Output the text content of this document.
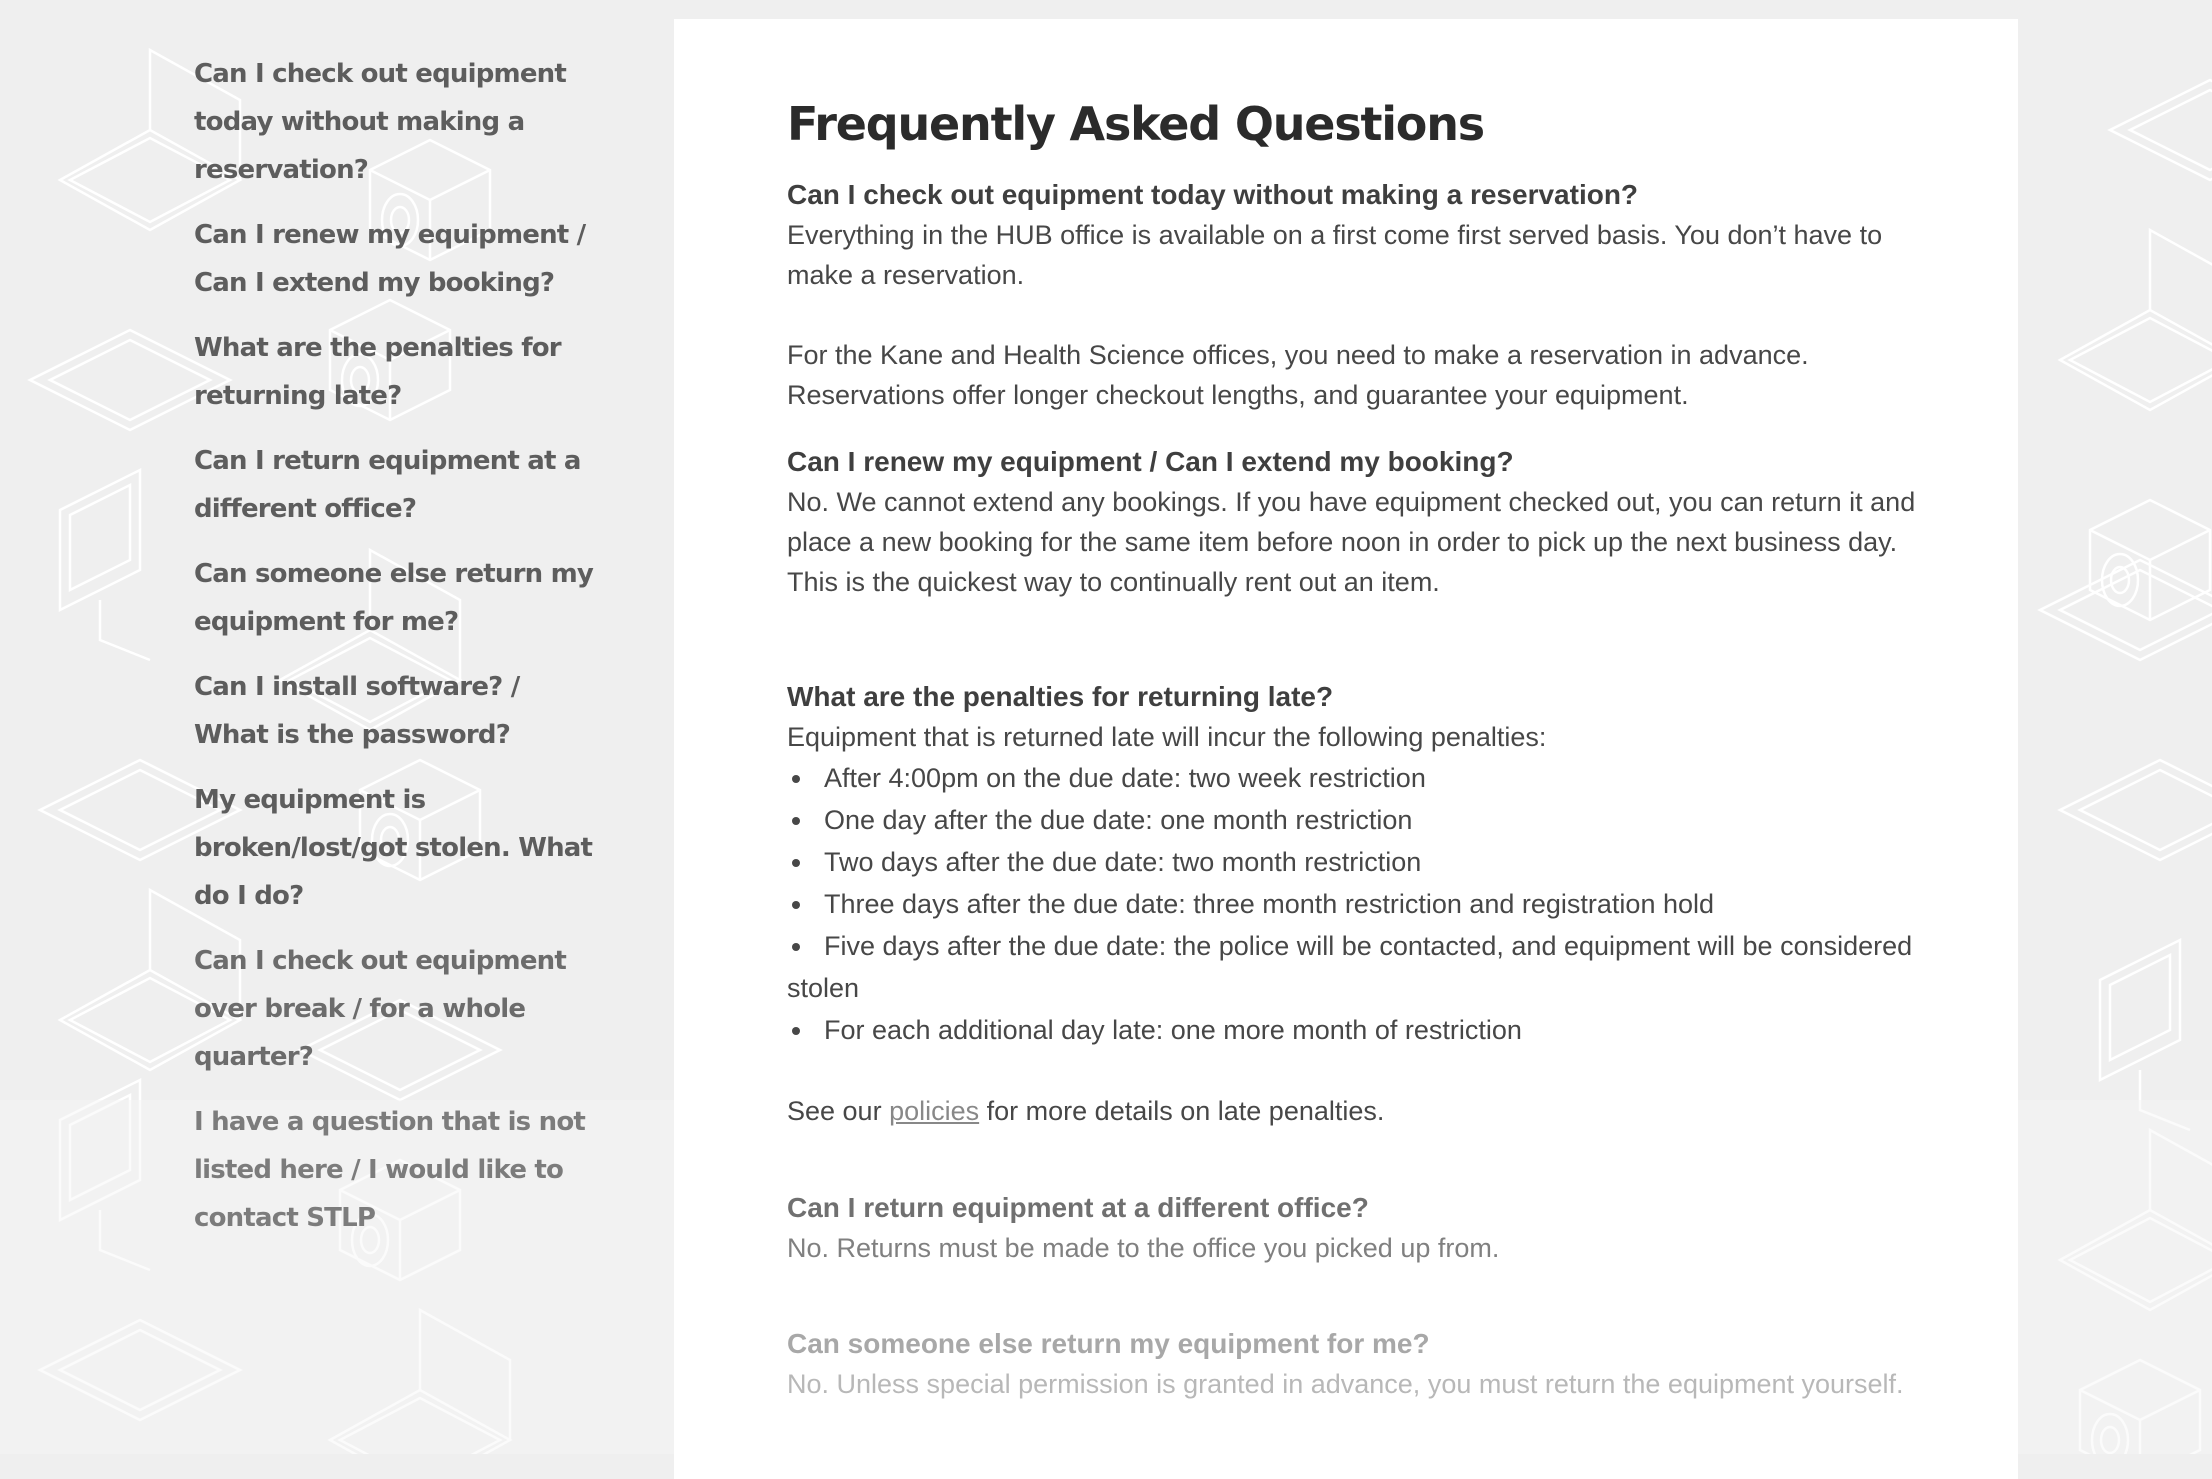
Can I check out equipment today without making a reservation?
Can I renew my equipment / Can I extend my booking?
What are the penalties for returning late?
Can I return equipment at a different office?
Can someone else return my equipment for me?
Can I install software? / What is the password?
My equipment is broken/lost/got stolen. What do I do?
Can I check out equipment over break / for a whole quarter?
I have a question that is not listed here / I would like to contact STLP
Frequently Asked Questions
Can I check out equipment today without making a reservation?

Everything in the HUB office is available on a first come first served basis. You don’t have to make a reservation.

For the Kane and Health Science offices, you need to make a reservation in advance. Reservations offer longer checkout lengths, and guarantee your equipment.

Can I renew my equipment / Can I extend my booking?

No. We cannot extend any bookings. If you have equipment checked out, you can return it and place a new booking for the same item before noon in order to pick up the next business day. This is the quickest way to continually rent out an item.

What are the penalties for returning late?

Equipment that is returned late will incur the following penalties:

After 4:00pm on the due date: two week restriction
One day after the due date: one month restriction
Two days after the due date: two month restriction
Three days after the due date: three month restriction and registration hold
Five days after the due date: the police will be contacted, and equipment will be considered stolen
For each additional day late: one more month of restriction

See our policies for more details on late penalties.

Can I return equipment at a different office?

No. Returns must be made to the office you picked up from.

Can someone else return my equipment for me?

No. Unless special permission is granted in advance, you must return the equipment yourself.
